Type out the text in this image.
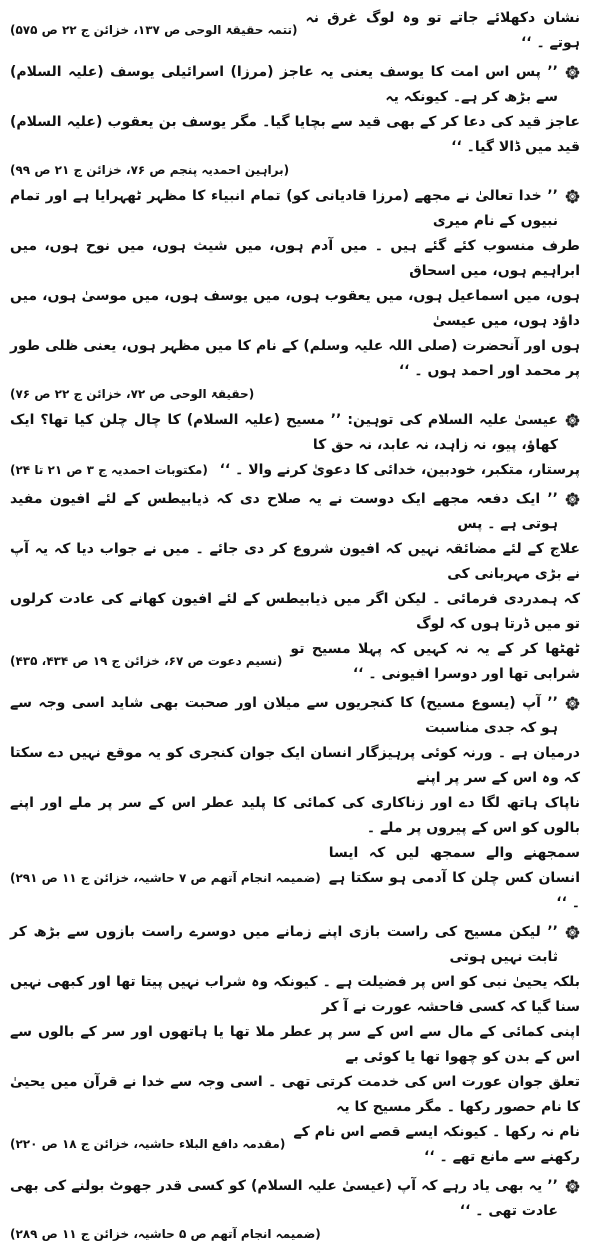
نشان دکھلائے جاتے تو وہ لوگ غرق نہ ہوتے ۔ ‘‘
(تتمہ حقیقۃ الوحی ص ۱۳۷، خزائن ج ۲۲ ص ۵۷۵)
’’ پس اس امت کا یوسف یعنی یہ عاجز (مرزا) اسرائیلی یوسف (علیہ السلام) سے بڑھ کر ہے۔ کیونکہ یہ
عاجز قید کی دعا کر کے بھی قید سے بچایا گیا۔ مگر یوسف بن یعقوب (علیہ السلام) قید میں ڈالا گیا۔ ‘‘
(براہین احمدیہ پنجم ص ۷۶، خزائن ج ۲۱ ص ۹۹)
’’ خدا تعالیٰ نے مجھے (مرزا قادیانی کو) تمام انبیاء کا مظہر ٹھہرایا ہے اور تمام نبیوں کے نام میری
طرف منسوب کئے گئے ہیں ۔ میں آدم ہوں، میں شیث ہوں، میں نوح ہوں، میں ابراہیم ہوں، میں اسحاق
ہوں، میں اسماعیل ہوں، میں یعقوب ہوں، میں یوسف ہوں، میں موسیٰ ہوں، میں داؤد ہوں، میں عیسیٰ
ہوں اور آنحضرت (صلی اللہ علیہ وسلم) کے نام کا میں مظہر ہوں، یعنی ظلی طور پر محمد اور احمد ہوں ۔ ‘‘
(حقیقۃ الوحی ص ۷۲، خزائن ج ۲۲ ص ۷۶)
عیسیٰ علیہ السلام کی توہین: ’’ مسیح (علیہ السلام) کا چال چلن کیا تھا؟ ایک کھاؤ، پیو، نہ زاہد، نہ عابد، نہ حق کا
پرستار، متکبر، خودبین، خدائی کا دعویٰ کرنے والا ۔ ‘‘
(مکتوبات احمدیہ ج ۳ ص ۲۱ تا ۲۴)
’’ ایک دفعہ مجھے ایک دوست نے یہ صلاح دی کہ ذیابیطس کے لئے افیون مفید ہوتی ہے ۔ پس
علاج کے لئے مضائقہ نہیں کہ افیون شروع کر دی جائے ۔ میں نے جواب دیا کہ یہ آپ نے بڑی مہربانی کی
کہ ہمدردی فرمائی ۔ لیکن اگر میں ذیابیطس کے لئے افیون کھانے کی عادت کرلوں تو میں ڈرتا ہوں کہ لوگ
ٹھٹھا کر کے یہ نہ کہیں کہ پہلا مسیح تو شرابی تھا اور دوسرا افیونی ۔ ‘‘
(نسیم دعوت ص ۶۷، خزائن ج ۱۹ ص ۴۳۴، ۴۳۵)
’’ آپ (یسوع مسیح) کا کنجریوں سے میلان اور صحبت بھی شاید اسی وجہ سے ہو کہ جدی مناسبت
درمیان ہے ۔ ورنہ کوئی پرہیزگار انسان ایک جوان کنجری کو یہ موقع نہیں دے سکتا کہ وہ اس کے سر پر اپنے
ناپاک ہاتھ لگا دے اور زناکاری کی کمائی کا پلید عطر اس کے سر پر ملے اور اپنے بالوں کو اس کے پیروں پر ملے ۔
سمجھنے والے سمجھ لیں کہ ایسا انسان کس چلن کا آدمی ہو سکتا ہے ۔ ‘‘
(ضمیمہ انجام آتھم ص ۷ حاشیہ، خزائن ج ۱۱ ص ۲۹۱)
’’ لیکن مسیح کی راست بازی اپنے زمانے میں دوسرے راست بازوں سے بڑھ کر ثابت نہیں ہوتی
بلکہ یحییٰ نبی کو اس پر فضیلت ہے ۔ کیونکہ وہ شراب نہیں پیتا تھا اور کبھی نہیں سنا گیا کہ کسی فاحشہ عورت نے آ کر
اپنی کمائی کے مال سے اس کے سر پر عطر ملا تھا یا ہاتھوں اور سر کے بالوں سے اس کے بدن کو چھوا تھا یا کوئی بے
تعلق جوان عورت اس کی خدمت کرتی تھی ۔ اسی وجہ سے خدا نے قرآن میں یحییٰ کا نام حصور رکھا ۔ مگر مسیح کا یہ
نام نہ رکھا ۔ کیونکہ ایسے قصے اس نام کے رکھنے سے مانع تھے ۔ ‘‘
(مقدمہ دافع البلاء حاشیہ، خزائن ج ۱۸ ص ۲۲۰)
’’ یہ بھی یاد رہے کہ آپ (عیسیٰ علیہ السلام) کو کسی قدر جھوٹ بولنے کی بھی عادت تھی ۔ ‘‘
(ضمیمہ انجام آتھم ص ۵ حاشیہ، خزائن ج ۱۱ ص ۲۸۹)
